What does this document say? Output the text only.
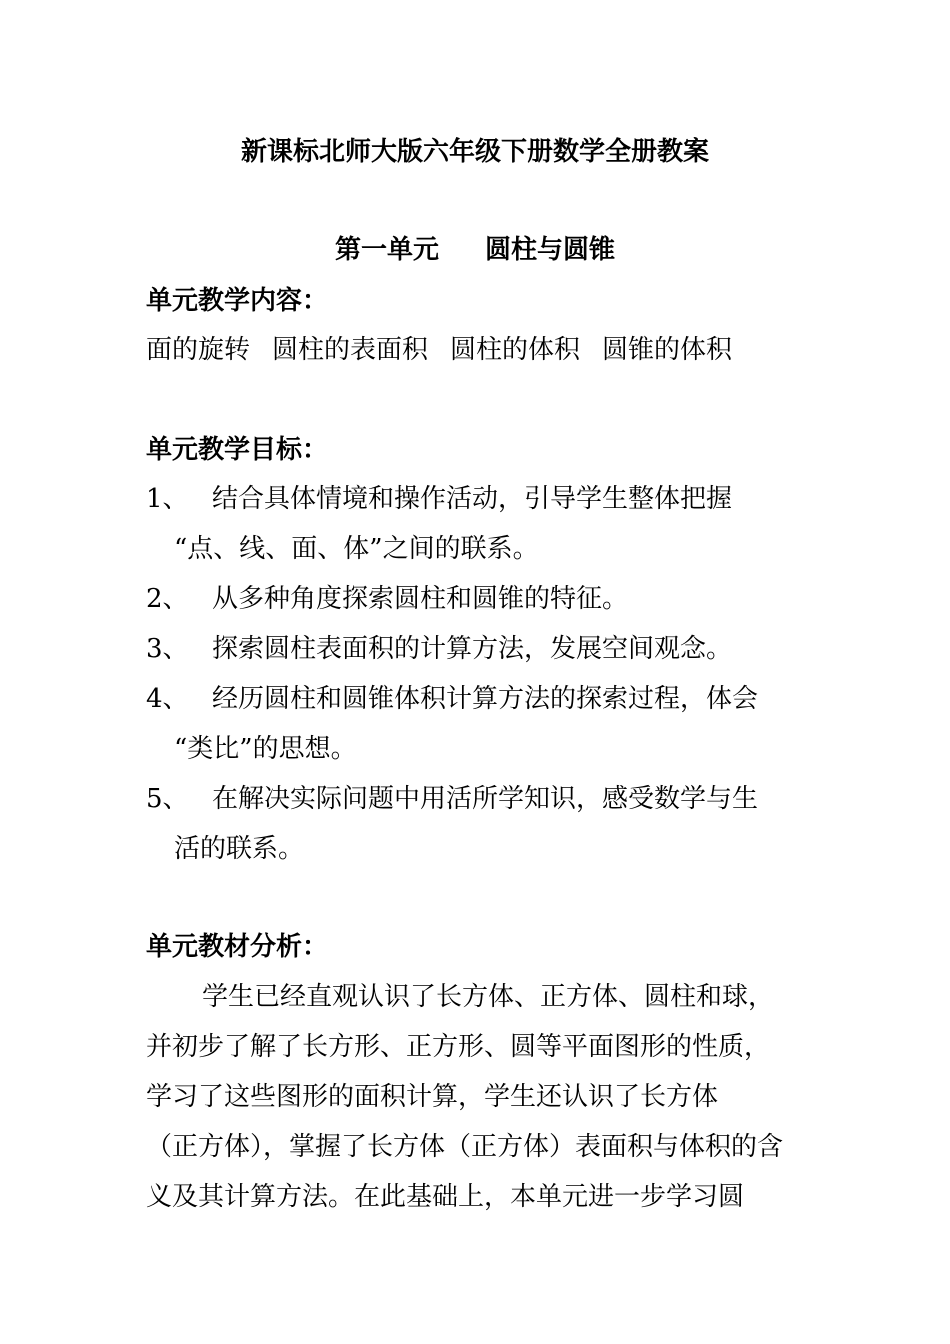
新课标北师大版六年级下册数学全册教案
第一单元 圆柱与圆锥
单元教学内容：
面的旋转 圆柱的表面积 圆柱的体积 圆锥的体积
单元教学目标：
1、 结合具体情境和操作活动，引导学生整体把握
“点、线、面、体”之间的联系。
2、 从多种角度探索圆柱和圆锥的特征。
3、 探索圆柱表面积的计算方法，发展空间观念。
4、 经历圆柱和圆锥体积计算方法的探索过程，体会
“类比”的思想。
5、 在解决实际问题中用活所学知识，感受数学与生
活的联系。
单元教材分析：
学生已经直观认识了长方体、正方体、圆柱和球，
并初步了解了长方形、正方形、圆等平面图形的性质，
学习了这些图形的面积计算，学生还认识了长方体
（正方体），掌握了长方体（正方体）表面积与体积的含
义及其计算方法。在此基础上，本单元进一步学习圆
